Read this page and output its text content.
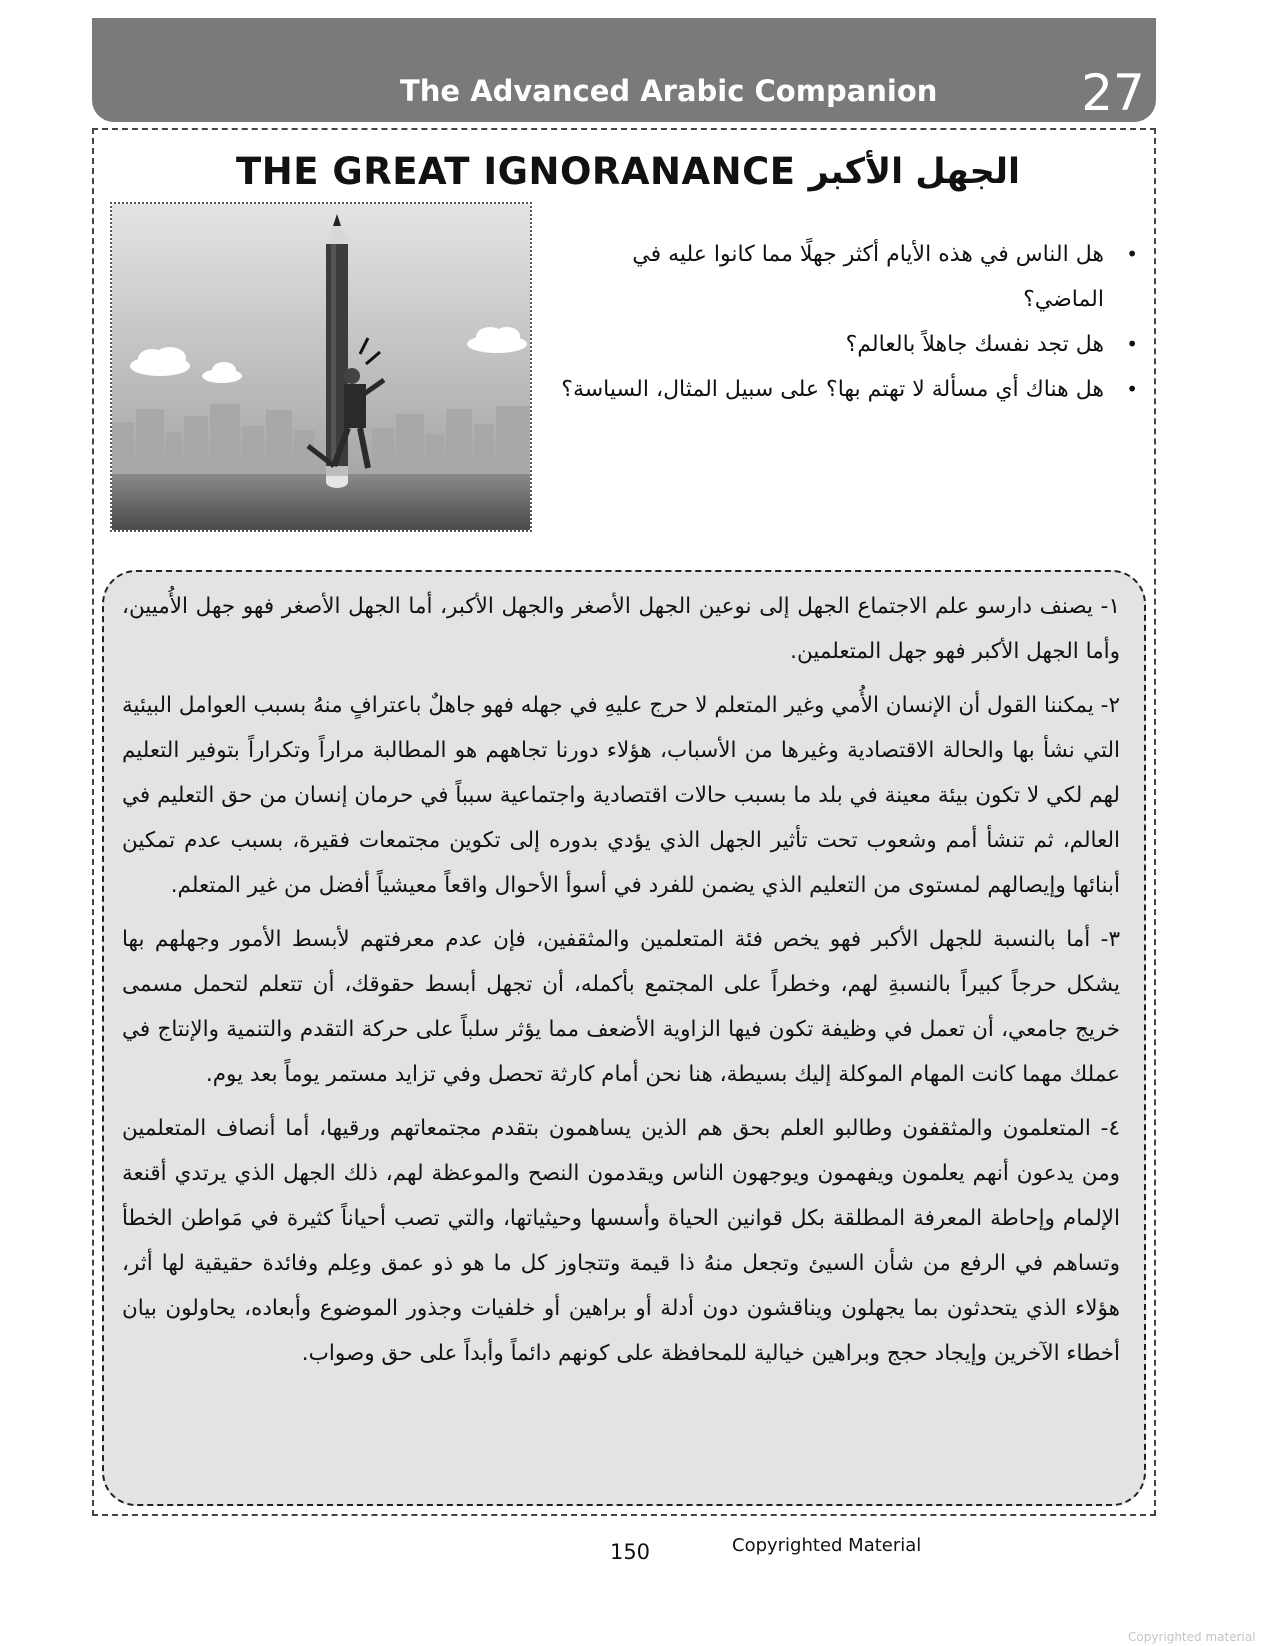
The Advanced Arabic Companion	27
THE GREAT IGNORANANCE الجهل الأكبر
• هل الناس في هذه الأيام أكثر جهلًا مما كانوا عليه في الماضي؟
• هل تجد نفسك جاهلاً بالعالم؟
• هل هناك أي مسألة لا تهتم بها؟ على سبيل المثال، السياسة؟

١- يصنف دارسو علم الاجتماع الجهل إلى نوعين الجهل الأصغر والجهل الأكبر، أما الجهل الأصغر فهو جهل الأُميين، وأما الجهل الأكبر فهو جهل المتعلمين.

٢- يمكننا القول أن الإنسان الأُمي وغير المتعلم لا حرج عليهِ في جهله فهو جاهلٌ باعترافٍ منهُ بسبب العوامل البيئية التي نشأ بها والحالة الاقتصادية وغيرها من الأسباب، هؤلاء دورنا تجاههم هو المطالبة مراراً وتكراراً بتوفير التعليم لهم لكي لا تكون بيئة معينة في بلد ما بسبب حالات اقتصادية واجتماعية سبباً في حرمان إنسان من حق التعليم في العالم، ثم تنشأ أمم وشعوب تحت تأثير الجهل الذي يؤدي بدوره إلى تكوين مجتمعات فقيرة، بسبب عدم تمكين أبنائها وإيصالهم لمستوى من التعليم الذي يضمن للفرد في أسوأ الأحوال واقعاً معيشياً أفضل من غير المتعلم.

٣- أما بالنسبة للجهل الأكبر فهو يخص فئة المتعلمين والمثقفين، فإن عدم معرفتهم لأبسط الأمور وجهلهم بها يشكل حرجاً كبيراً بالنسبةِ لهم، وخطراً على المجتمع بأكمله، أن تجهل أبسط حقوقك، أن تتعلم لتحمل مسمى خريج جامعي، أن تعمل في وظيفة تكون فيها الزاوية الأضعف مما يؤثر سلباً على حركة التقدم والتنمية والإنتاج في عملك مهما كانت المهام الموكلة إليك بسيطة، هنا نحن أمام كارثة تحصل وفي تزايد مستمر يوماً بعد يوم.

٤- المتعلمون والمثقفون وطالبو العلم بحق هم الذين يساهمون بتقدم مجتمعاتهم ورقيها، أما أنصاف المتعلمين ومن يدعون أنهم يعلمون ويفهمون ويوجهون الناس ويقدمون النصح والموعظة لهم، ذلك الجهل الذي يرتدي أقنعة الإلمام وإحاطة المعرفة المطلقة بكل قوانين الحياة وأسسها وحيثياتها، والتي تصب أحياناً كثيرة في مَواطن الخطأ وتساهم في الرفع من شأن السيئ وتجعل منهُ ذا قيمة وتتجاوز كل ما هو ذو عمق وعِلم وفائدة حقيقية لها أثر، هؤلاء الذي يتحدثون بما يجهلون ويناقشون دون أدلة أو براهين أو خلفيات وجذور الموضوع وأبعاده، يحاولون بيان أخطاء الآخرين وإيجاد حجج وبراهين خيالية للمحافظة على كونهم دائماً وأبداً على حق وصواب.

150	Copyrighted Material
Copyrighted material
